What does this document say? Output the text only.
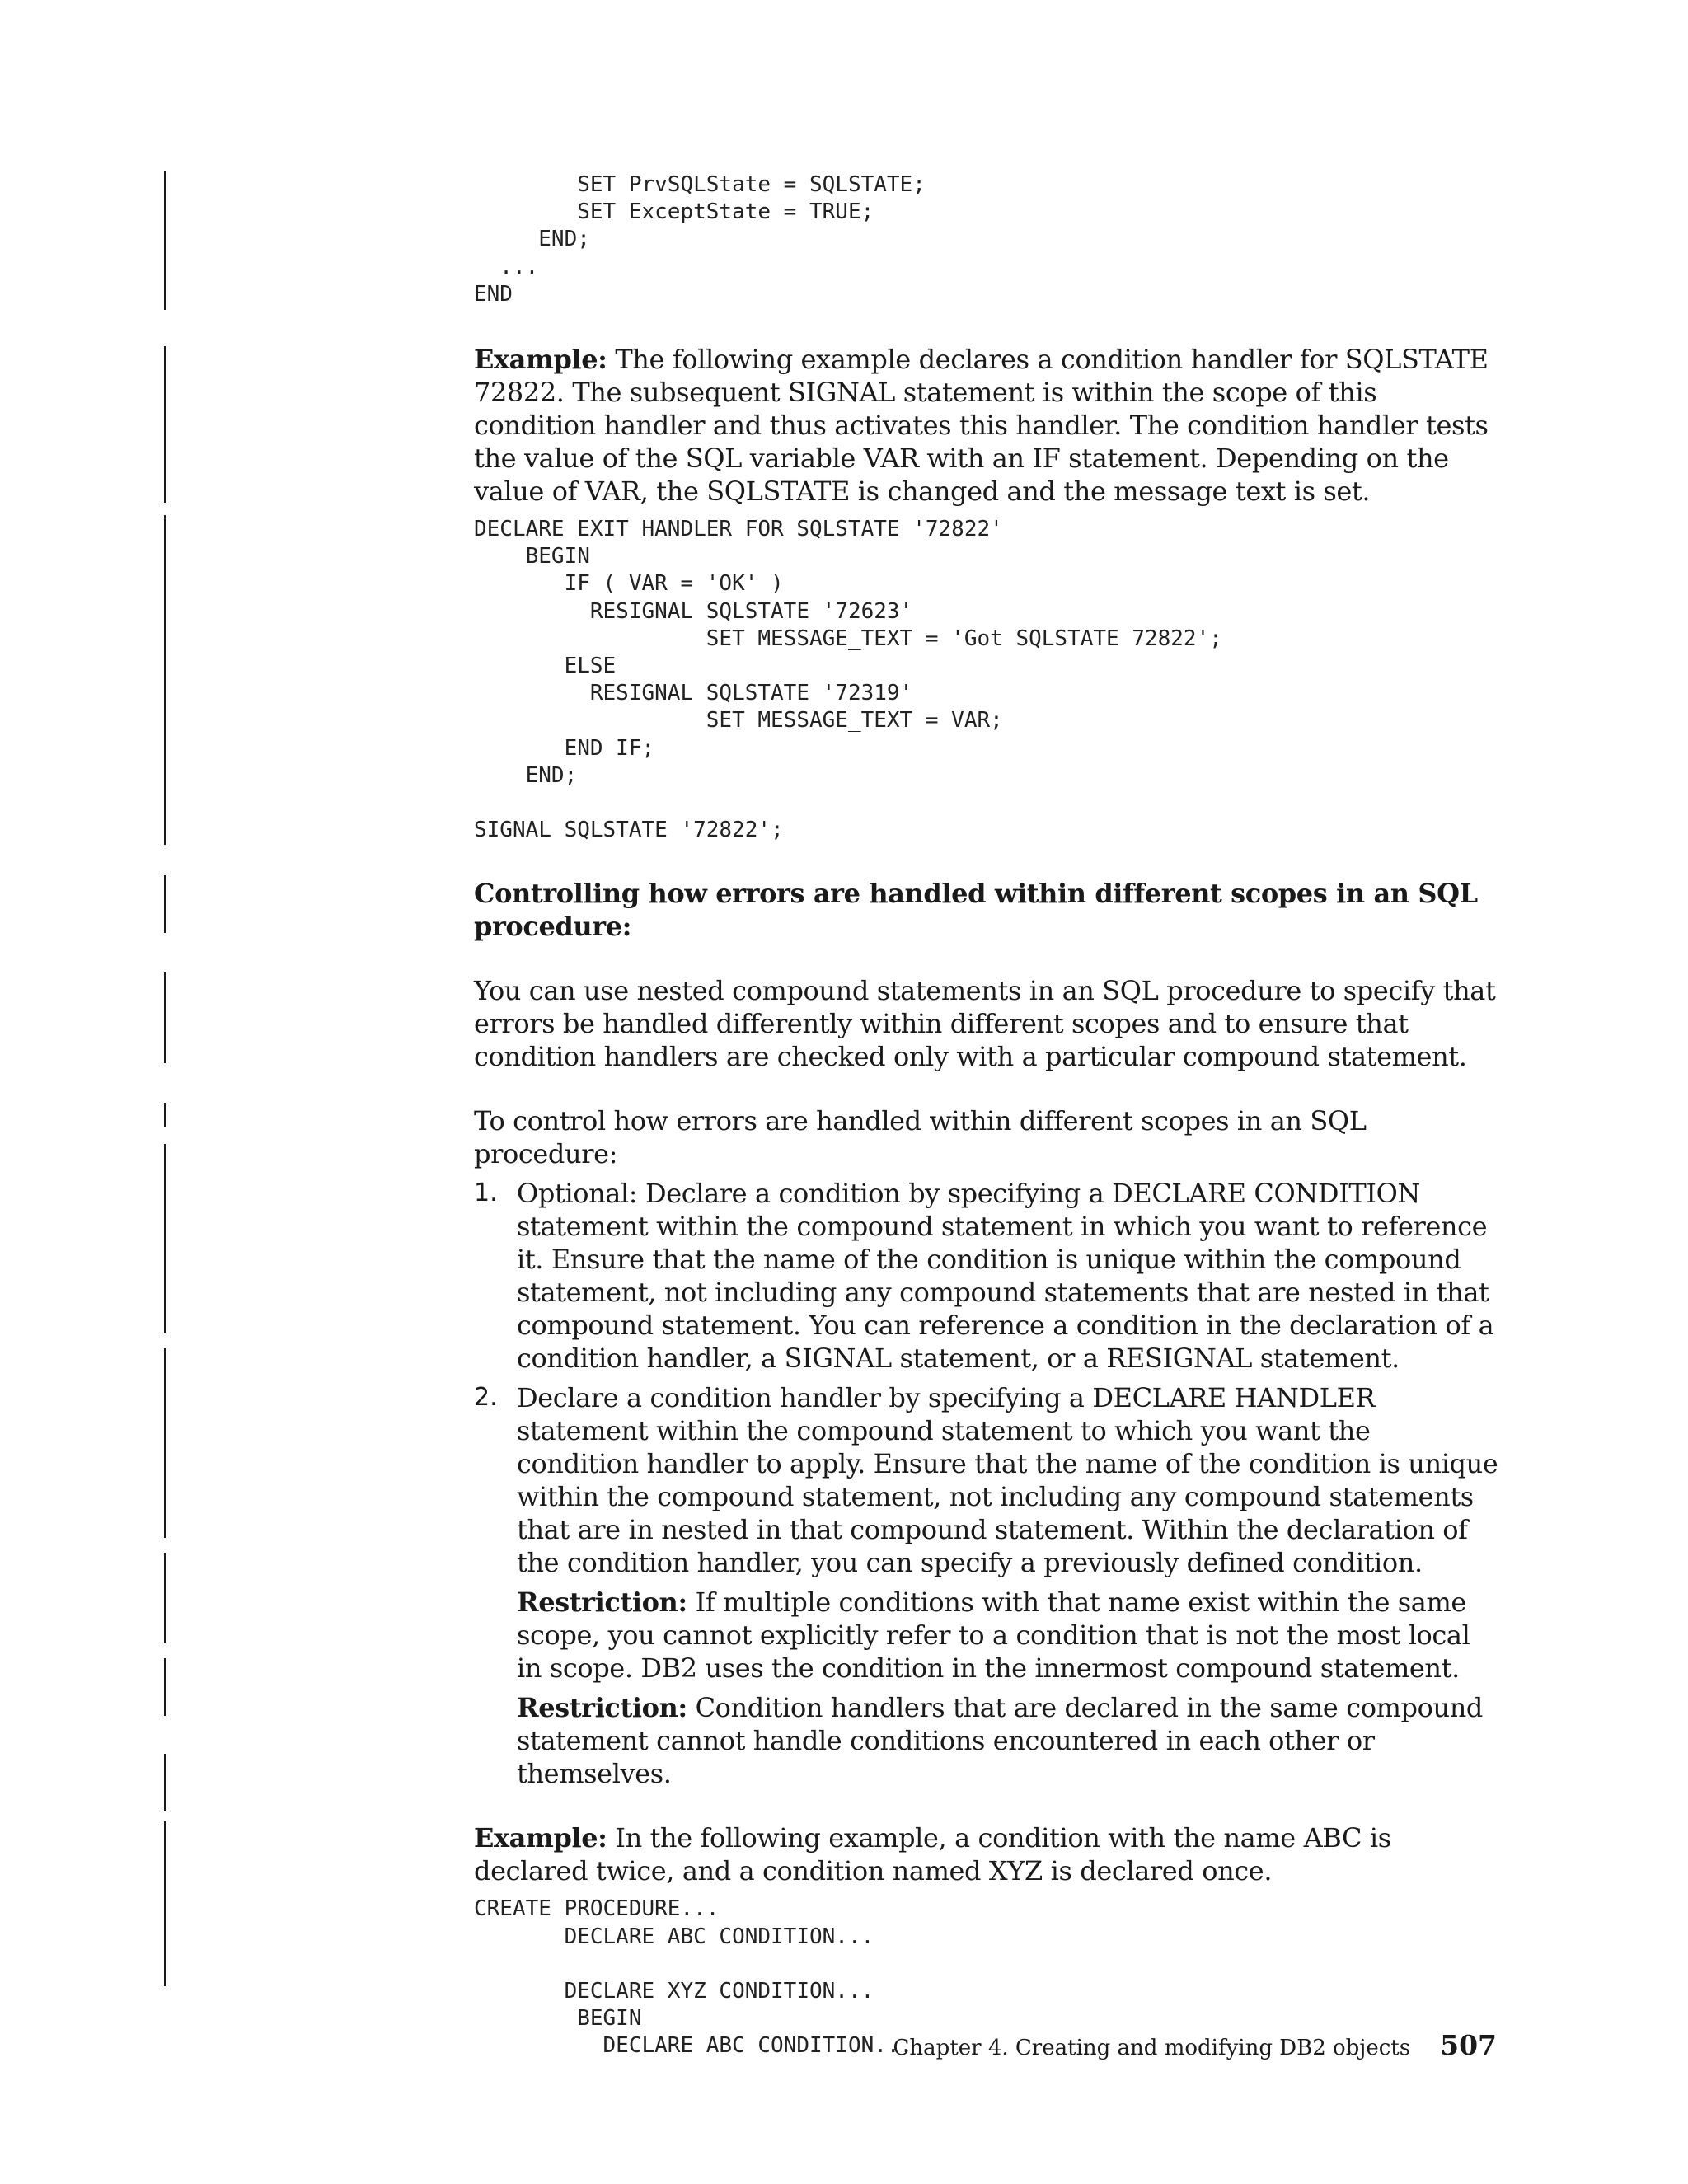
SET PrvSQLState = SQLSTATE;
SET ExceptState = TRUE;
END;
...
END

Example: The following example declares a condition handler for SQLSTATE 72822. The subsequent SIGNAL statement is within the scope of this condition handler and thus activates this handler. The condition handler tests the value of the SQL variable VAR with an IF statement. Depending on the value of VAR, the SQLSTATE is changed and the message text is set.

DECLARE EXIT HANDLER FOR SQLSTATE '72822'
BEGIN
IF ( VAR = 'OK' )
RESIGNAL SQLSTATE '72623'
SET MESSAGE_TEXT = 'Got SQLSTATE 72822';
ELSE
RESIGNAL SQLSTATE '72319'
SET MESSAGE_TEXT = VAR;
END IF;
END;

SIGNAL SQLSTATE '72822';

Controlling how errors are handled within different scopes in an SQL procedure:

You can use nested compound statements in an SQL procedure to specify that errors be handled differently within different scopes and to ensure that condition handlers are checked only with a particular compound statement.

To control how errors are handled within different scopes in an SQL procedure:

1. Optional: Declare a condition by specifying a DECLARE CONDITION statement within the compound statement in which you want to reference it. Ensure that the name of the condition is unique within the compound statement, not including any compound statements that are nested in that compound statement. You can reference a condition in the declaration of a condition handler, a SIGNAL statement, or a RESIGNAL statement.

2. Declare a condition handler by specifying a DECLARE HANDLER statement within the compound statement to which you want the condition handler to apply. Ensure that the name of the condition is unique within the compound statement, not including any compound statements that are in nested in that compound statement. Within the declaration of the condition handler, you can specify a previously defined condition.

Restriction: If multiple conditions with that name exist within the same scope, you cannot explicitly refer to a condition that is not the most local in scope. DB2 uses the condition in the innermost compound statement.

Restriction: Condition handlers that are declared in the same compound statement cannot handle conditions encountered in each other or themselves.

Example: In the following example, a condition with the name ABC is declared twice, and a condition named XYZ is declared once.

CREATE PROCEDURE...
DECLARE ABC CONDITION...

DECLARE XYZ CONDITION...
BEGIN
DECLARE ABC CONDITION...
Chapter 4. Creating and modifying DB2 objects 507
